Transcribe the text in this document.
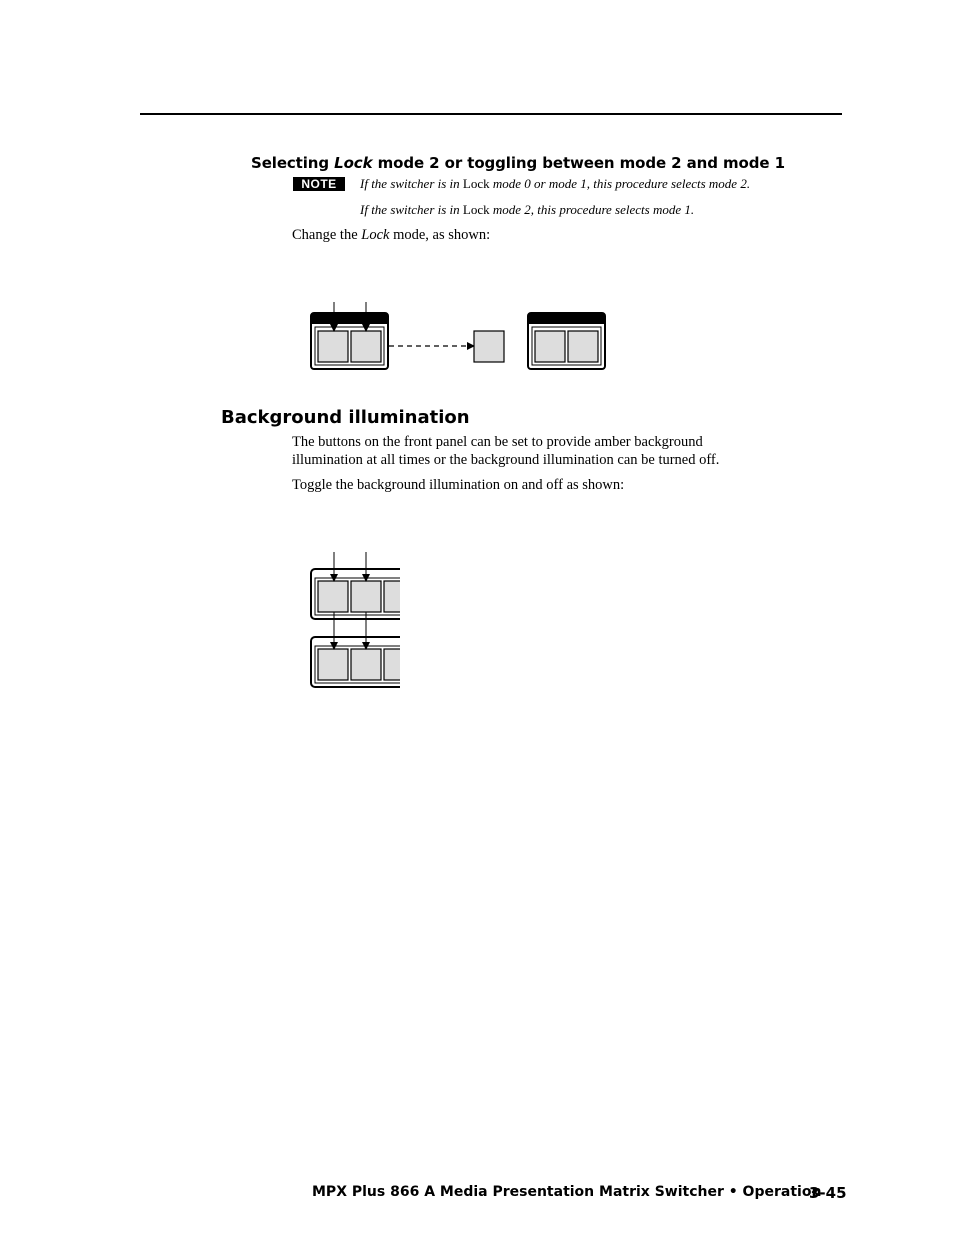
Selecting Lock mode 2 or toggling between mode 2 and mode 1
NOTE	If the switcher is in Lock mode 0 or mode 1, this procedure selects mode 2.
If the switcher is in Lock mode 2, this procedure selects mode 1.
Change the Lock mode, as shown:
Background illumination
The buttons on the front panel can be set to provide amber background
illumination at all times or the background illumination can be turned off.
Toggle the background illumination on and off as shown:
MPX Plus 866 A Media Presentation Matrix Switcher • Operation
3-45
